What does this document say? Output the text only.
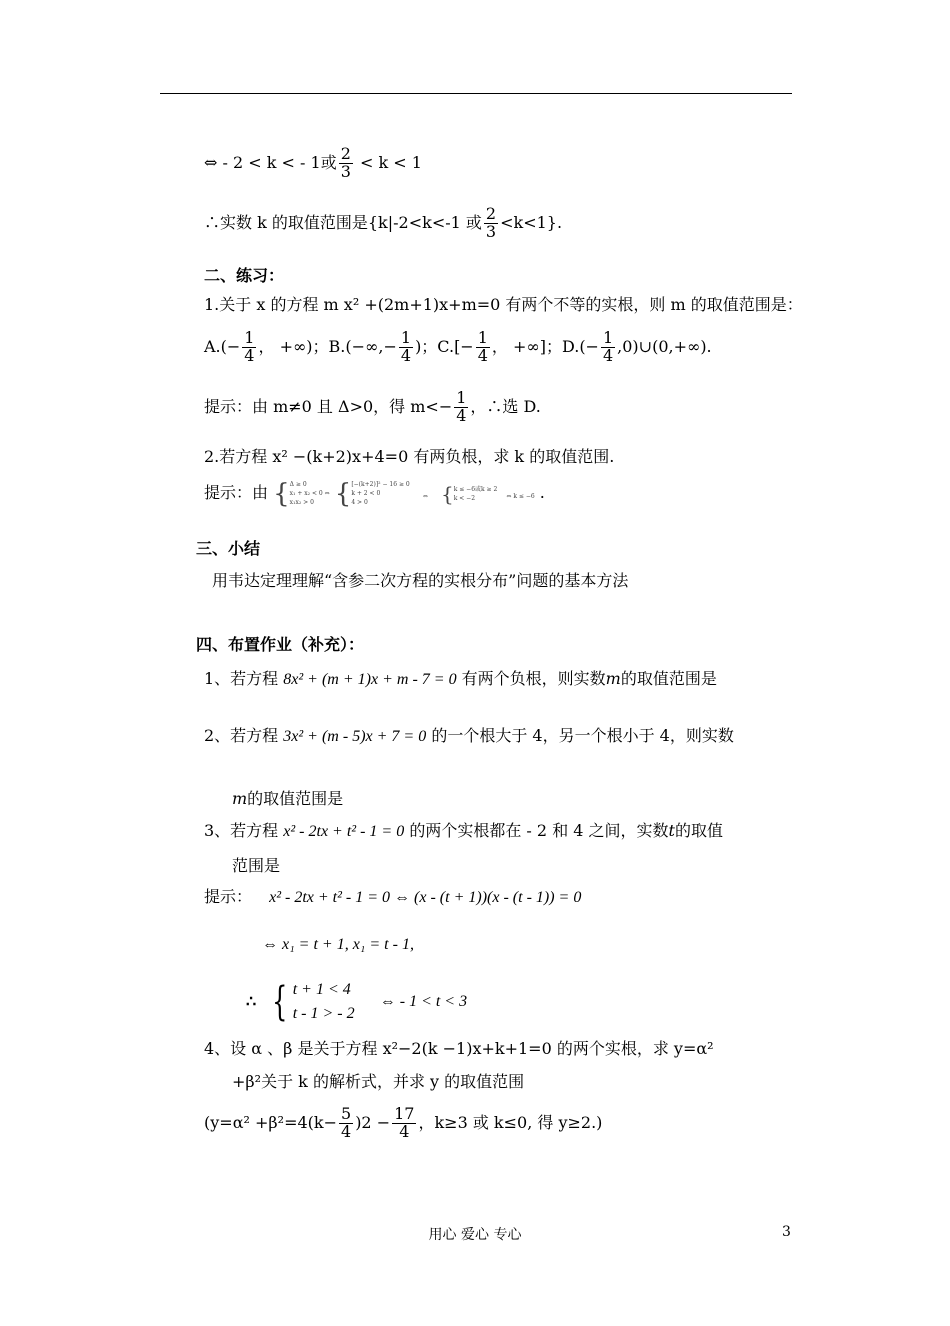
⇔ - 2 < k < - 1或 $\frac{2}{3} < k < 1$
∴实数 k 的取值范围是{k|-2<k<-1 或 $\frac{2}{3} <k<1$}.
二、练习：
1.关于 x 的方程 m x² +(2m+1)x+m=0 有两个不等的实根，则 m 的取值范围是：
$A.(- \frac{1}{4}$ ， +∞)；$B.(-\infty,- \frac{1}{4}$ )；$C.[- \frac{1}{4}$ ， +∞]；$D.(- \frac{1}{4}$ ,0)∪(0,+∞).
提示：由 m≠0 且 Δ>0，得 $m<- \frac{1}{4}$ ，∴选 D.
2.若方程 x² −(k+2)x+4=0 有两负根，求 k 的取值范围.
提示：由 { Δ ≥ 0
x₁ + x₂ < 0 ⇔
x₁x₂ > 0
{ [−(k+2)]² − 16 ≥ 0
k + 2 < 0
4 > 0
⇔ { k ≤ −6或k ≥ 2
k < −2	⇔ k ≤ −6 .
三、小结
用韦达定理理解“含参二次方程的实根分布”问题的基本方法
四、布置作业（补充）：
1、若方程 8x² + (m + 1)x + m - 7 = 0 有两个负根，则实数m的取值范围是
2、若方程 3x² + (m - 5)x + 7 = 0 的一个根大于 4，另一个根小于 4，则实数
m的取值范围是
3、若方程 x² - 2tx + t² - 1 = 0 的两个实根都在 - 2 和 4 之间，实数t的取值
范围是
提示： x² - 2tx + t² - 1 = 0 ⇔ (x - (t + 1))(x - (t - 1)) = 0
⇔ x₁ = t + 1, x₁ = t - 1,
∴ { t + 1 < 4
t - 1 > - 2
⇔ - 1 < t < 3
4、设 α 、β 是关于方程 x²−2(k −1)x+k+1=0 的两个实根，求 y=α²
+β²关于 k 的解析式，并求 y 的取值范围
($y=\alpha^2 +\beta^2=4(k- \frac{5}{4} )2 - \frac{17}{4}$ ，k≥3 或 k≤0, 得 y≥2.)
用心 爱心 专心	3
